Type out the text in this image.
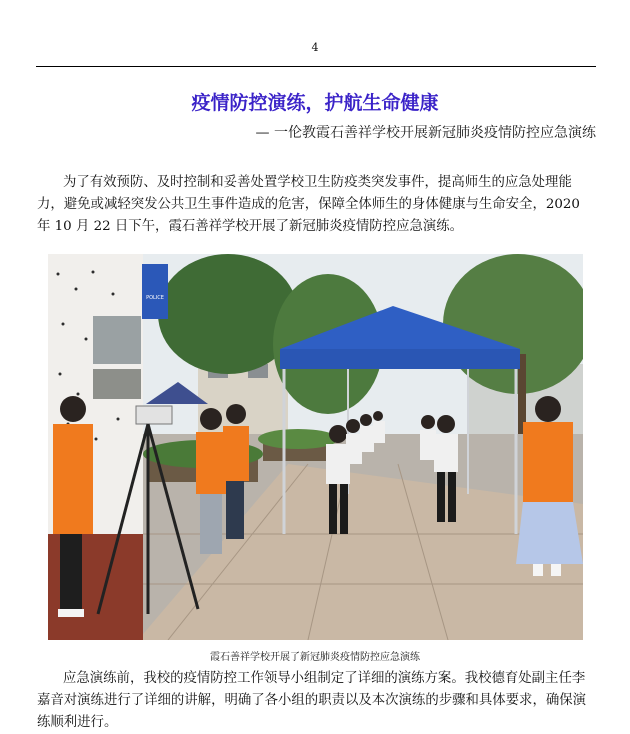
4
疫情防控演练，护航生命健康
— 一伦教霞石善祥学校开展新冠肺炎疫情防控应急演练

为了有效预防、及时控制和妥善处置学校卫生防疫类突发事件，提高师生的应急处理能力，避免或减轻突发公共卫生事件造成的危害，保障全体师生的身体健康与生命安全，2020 年 10 月 22 日下午，霞石善祥学校开展了新冠肺炎疫情防控应急演练。

POLICE
霞石善祥学校开展了新冠肺炎疫情防控应急演练

应急演练前，我校的疫情防控工作领导小组制定了详细的演练方案。我校德育处副主任李嘉音对演练进行了详细的讲解，明确了各小组的职责以及本次演练的步骤和具体要求，确保演练顺利进行。
